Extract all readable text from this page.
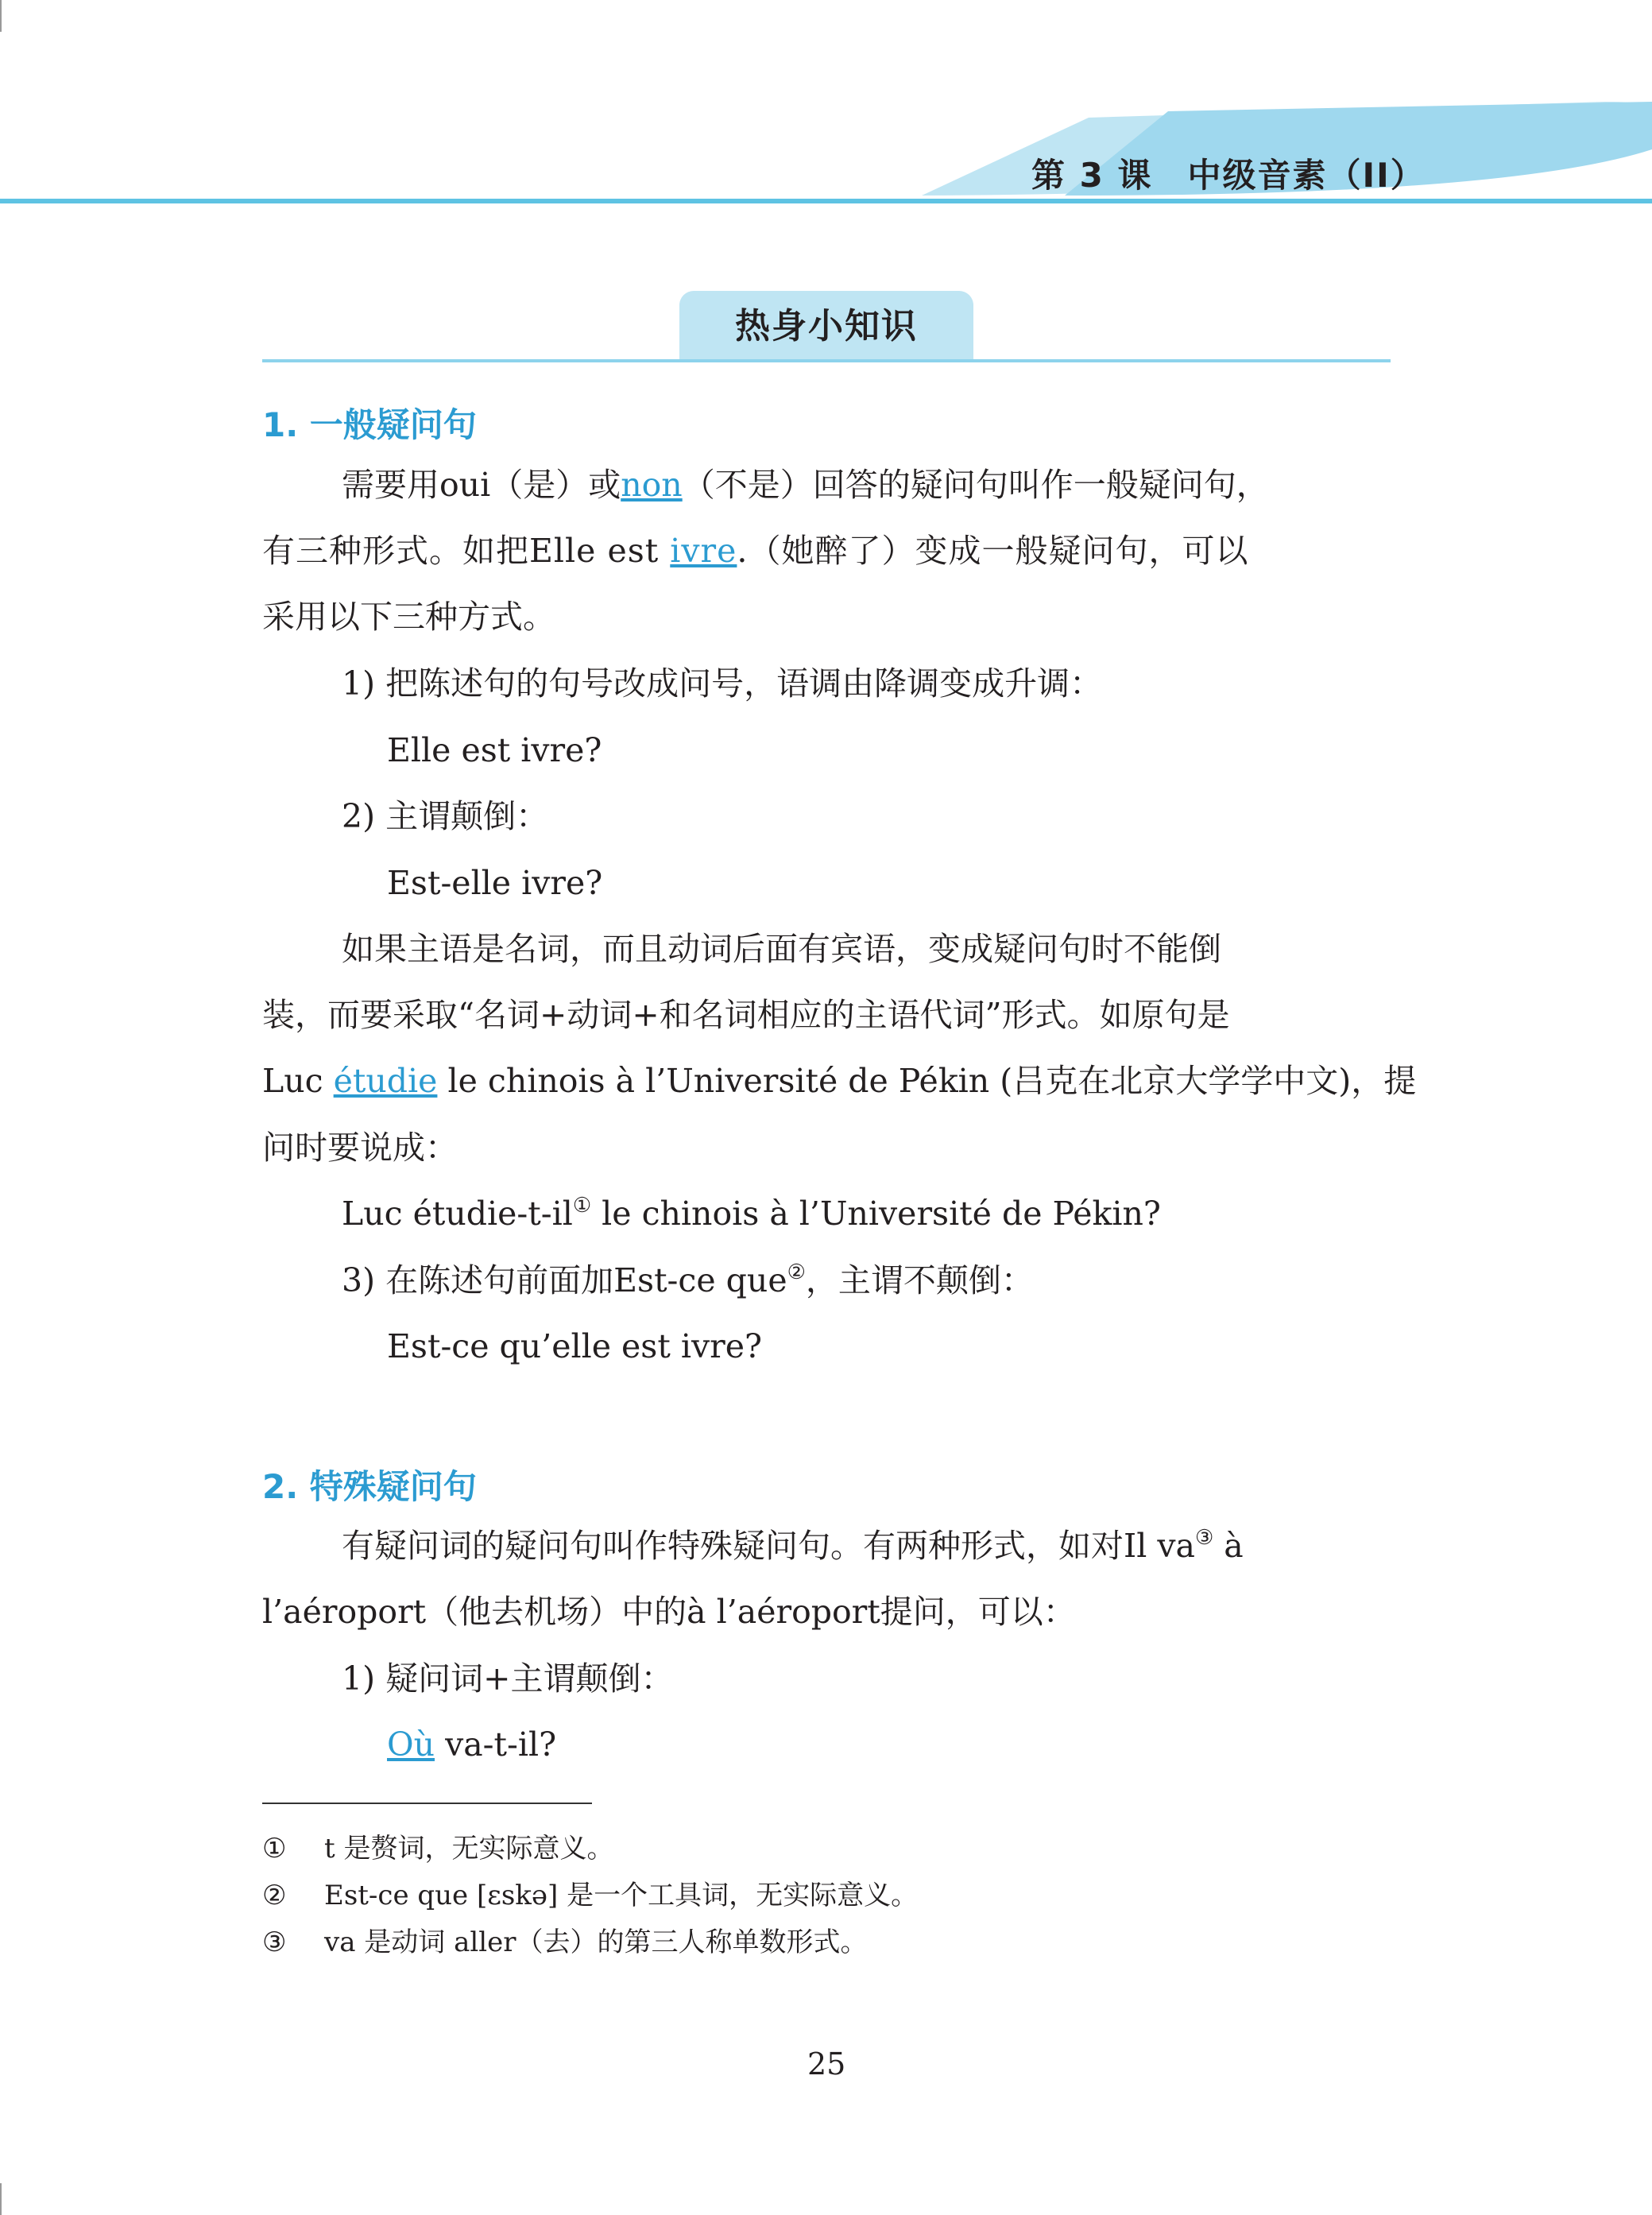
第 3 课　中级音素（II）
热身小知识
1. 一般疑问句
需要用oui（是）或non（不是）回答的疑问句叫作一般疑问句，
有三种形式。如把Elle est ivre.（她醉了）变成一般疑问句，可以
采用以下三种方式。
1) 把陈述句的句号改成问号，语调由降调变成升调：
Elle est ivre?
2) 主谓颠倒：
Est-elle ivre?
如果主语是名词，而且动词后面有宾语，变成疑问句时不能倒
装，而要采取“名词+动词+和名词相应的主语代词”形式。如原句是
Luc étudie le chinois à l’Université de Pékin (吕克在北京大学学中文)，提
问时要说成：
Luc étudie-t-il① le chinois à l’Université de Pékin?
3) 在陈述句前面加Est-ce que②，主谓不颠倒：
Est-ce qu’elle est ivre?
2. 特殊疑问句
有疑问词的疑问句叫作特殊疑问句。有两种形式，如对Il va③ à
l’aéroport（他去机场）中的à l’aéroport提问，可以：
1) 疑问词+主谓颠倒：
Où va-t-il?
① t 是赘词，无实际意义。
② Est-ce que [ɛskə] 是一个工具词，无实际意义。
③ va 是动词 aller（去）的第三人称单数形式。
25
